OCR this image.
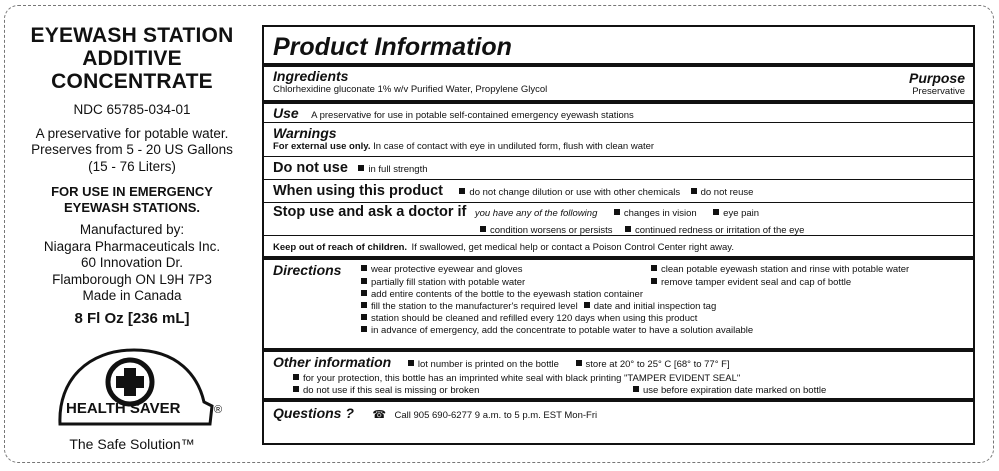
EYEWASH STATION
ADDITIVE
CONCENTRATE
NDC 65785-034-01
A preservative for potable water.
Preserves from 5 - 20 US Gallons
(15 - 76 Liters)
FOR USE IN EMERGENCY
EYEWASH STATIONS.
Manufactured by:
Niagara Pharmaceuticals Inc.
60 Innovation Dr.
Flamborough ON L9H 7P3
Made in Canada
8 Fl Oz [236 mL]
HEALTH SAVER	®
The Safe Solution™
Product Information
Ingredients
Chlorhexidine gluconate 1% w/v Purified Water, Propylene Glycol
Purpose
Preservative
Use A preservative for use in potable self-contained emergency eyewash stations
Warnings
For external use only. In case of contact with eye in undiluted form, flush with clean water
Do not use in full strength
When using this product	do not change dilution or use with other chemicals do not reuse
Stop use and ask a doctor if you have any of the following	changes in vision	eye pain
condition worsens or persists continued redness or irritation of the eye
Keep out of reach of children. If swallowed, get medical help or contact a Poison Control Center right away.
Directions	wear protective eyewear and gloves	clean potable eyewash station and rinse with potable water
partially fill station with potable water	remove tamper evident seal and cap of bottle
add entire contents of the bottle to the eyewash station container
fill the station to the manufacturer's required level date and initial inspection tag
station should be cleaned and refilled every 120 days when using this product
in advance of emergency, add the concentrate to potable water to have a solution available
Other information	lot number is printed on the bottle	store at 20° to 25° C [68° to 77° F]
for your protection, this bottle has an imprinted white seal with black printing "TAMPER EVIDENT SEAL"
do not use if this seal is missing or broken	use before expiration date marked on bottle
Questions ? ☎ Call 905 690-6277 9 a.m. to 5 p.m. EST Mon-Fri
